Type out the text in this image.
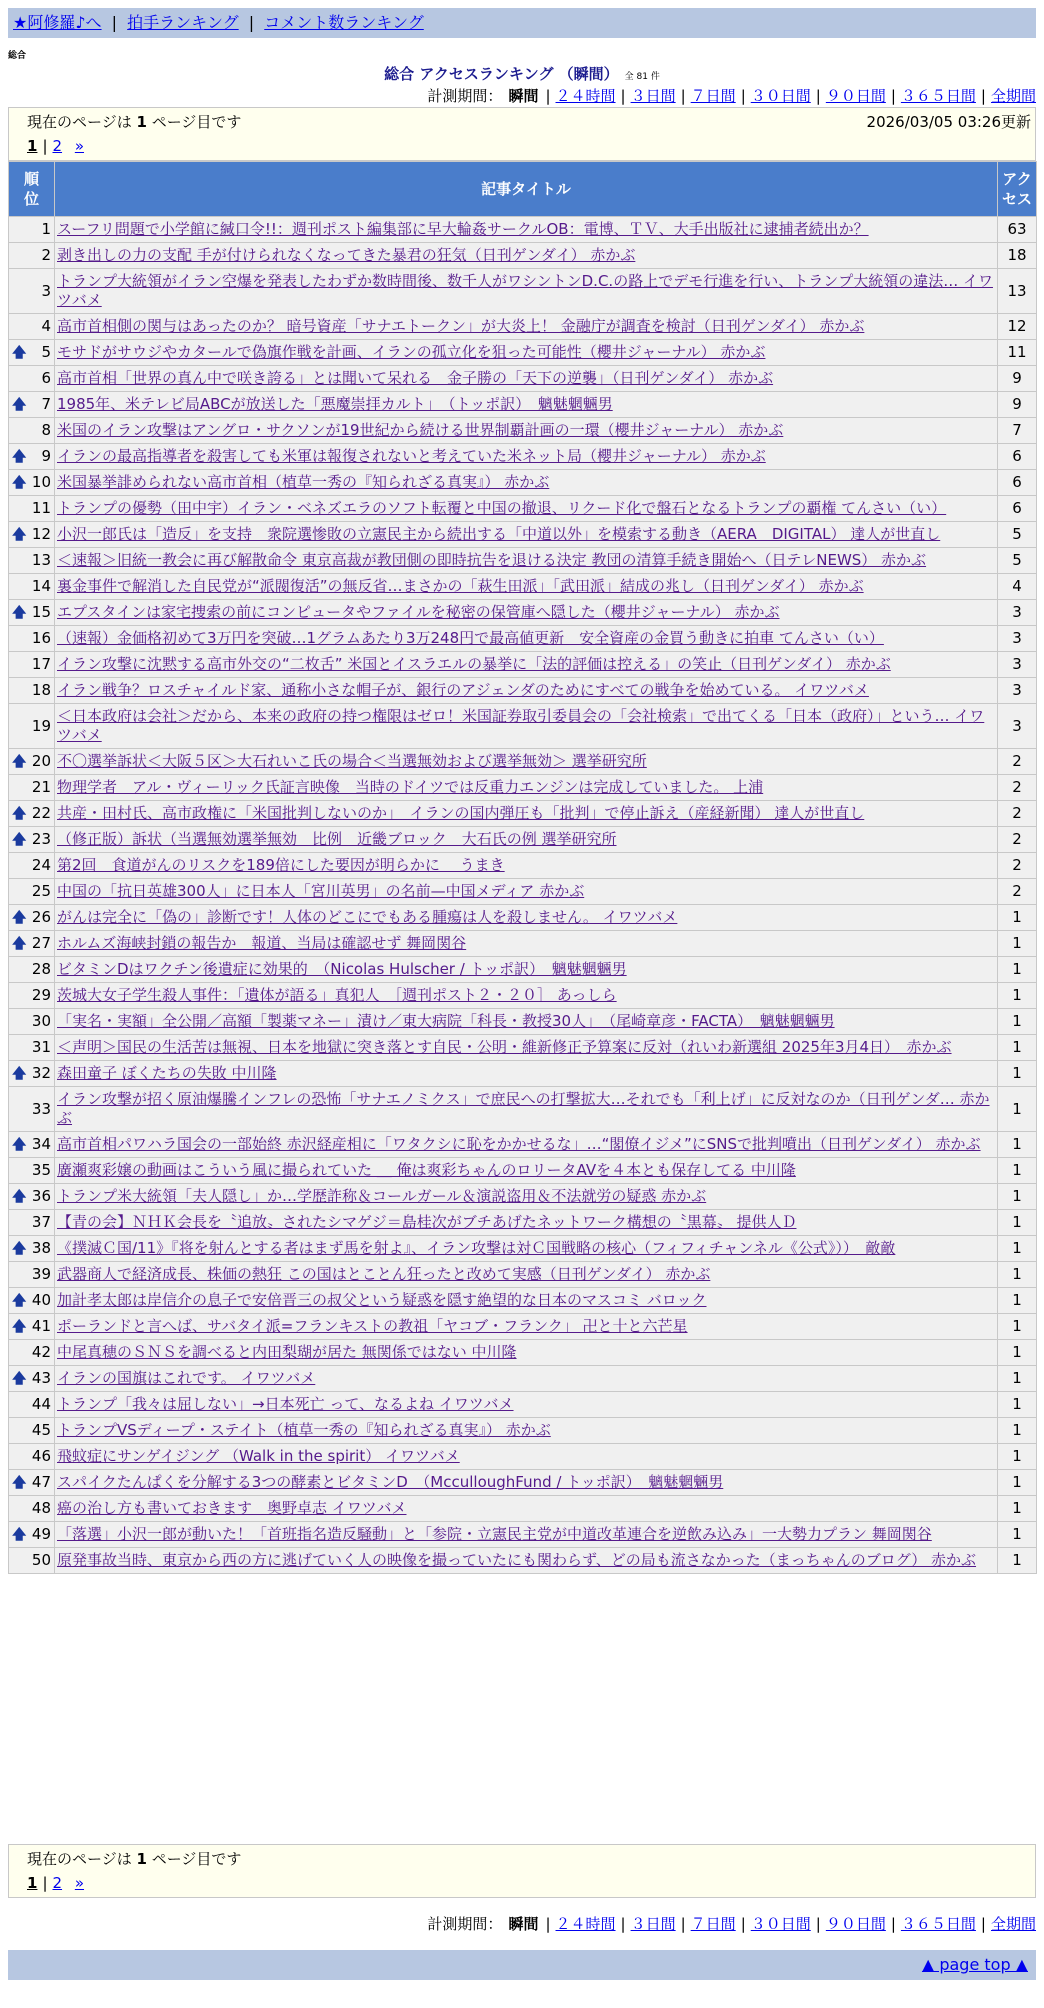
★阿修羅♪へ | 拍手ランキング | コメント数ランキング
総合
総合 アクセスランキング （瞬間） 全 81 件
計測期間： 瞬間 | ２４時間 | ３日間 | ７日間 | ３０日間 | ９０日間 | ３６５日間 | 全期間
現在のページは 1 ページ目です	2026/03/05 03:26更新
1 | 2 »
順位	記事タイトル	アクセス
1	スーフリ問題で小学館に緘口令!!：週刊ポスト編集部に早大輪姦サークルOB：電博、ＴＶ、大手出版社に逮捕者続出か？	63
2	剥き出しの力の支配 手が付けられなくなってきた暴君の狂気（日刊ゲンダイ） 赤かぶ	18
3	トランプ大統領がイラン空爆を発表したわずか数時間後、数千人がワシントンD.C.の路上でデモ行進を行い、トランプ大統領の違法… イワツバメ	13
4	高市首相側の関与はあったのか？ 暗号資産「サナエトークン」が大炎上！ 金融庁が調査を検討（日刊ゲンダイ） 赤かぶ	12

🡅 5	モサドがサウジやカタールで偽旗作戦を計画、イランの孤立化を狙った可能性（櫻井ジャーナル） 赤かぶ	11
6	高市首相「世界の真ん中で咲き誇る」とは聞いて呆れる　金子勝の「天下の逆襲」（日刊ゲンダイ） 赤かぶ	9

🡅 7	1985年、米テレビ局ABCが放送した「悪魔崇拝カルト」　（トッポ訳）　魑魅魍魎男	9
8	米国のイラン攻撃はアングロ・サクソンが19世紀から続ける世界制覇計画の一環（櫻井ジャーナル） 赤かぶ	7

🡅 9	イランの最高指導者を殺害しても米軍は報復されないと考えていた米ネット局（櫻井ジャーナル） 赤かぶ	6

🡅 10	米国暴挙誹められない高市首相（植草一秀の『知られざる真実』） 赤かぶ	6
11	トランプの優勢（田中宇）イラン・ベネズエラのソフト転覆と中国の撤退、リクード化で盤石となるトランプの覇権 てんさい（い）	6

🡅 12	小沢一郎氏は「造反」を支持　衆院選惨敗の立憲民主から続出する「中道以外」を模索する動き（AERA　DIGITAL） 達人が世直し	5
13	＜速報＞旧統一教会に再び解散命令 東京高裁が教団側の即時抗告を退ける決定 教団の清算手続き開始へ（日テレNEWS） 赤かぶ	5
14	裏金事件で解消した自民党が“派閥復活”の無反省…まさかの「萩生田派」「武田派」結成の兆し（日刊ゲンダイ） 赤かぶ	4

🡅 15	エプスタインは家宅捜索の前にコンピュータやファイルを秘密の保管庫へ隠した（櫻井ジャーナル） 赤かぶ	3
16	（速報）金価格初めて3万円を突破…1グラムあたり3万248円で最高値更新　安全資産の金買う動きに拍車 てんさい（い）	3
17	イラン攻撃に沈黙する高市外交の“二枚舌” 米国とイスラエルの暴挙に「法的評価は控える」の笑止（日刊ゲンダイ） 赤かぶ	3
18	イラン戦争？ロスチャイルド家、通称小さな帽子が、銀行のアジェンダのためにすべての戦争を始めている。 イワツバメ	3
19	＜日本政府は会社＞だから、本来の政府の持つ権限はゼロ！米国証券取引委員会の「会社検索」で出てくる「日本（政府）」という… イワツバメ	3

🡅 20	不〇選挙訴状＜大阪５区＞大石れいこ氏の場合＜当選無効および選挙無効＞ 選挙研究所	2
21	物理学者　アル・ヴィーリック氏証言映像　当時のドイツでは反重力エンジンは完成していました。 上浦	2

🡅 22	共産・田村氏、高市政権に「米国批判しないのか」　イランの国内弾圧も「批判」で停止訴え（産経新聞） 達人が世直し	2

🡅 23	（修正版）訴状（当選無効選挙無効　比例　近畿ブロック　大石氏の例 選挙研究所	2
24	第2回　食道がんのリスクを189倍にした要因が明らかに　 うまき	2
25	中国の「抗日英雄300人」に日本人「宮川英男」の名前—中国メディア 赤かぶ	2

🡅 26	がんは完全に「偽の」診断です！人体のどこにでもある腫瘍は人を殺しません。 イワツバメ	1

🡅 27	ホルムズ海峡封鎖の報告か　報道、当局は確認せず 舞岡関谷	1
28	ビタミンDはワクチン後遺症に効果的　（Nicolas Hulscher / トッポ訳）　魑魅魍魎男	1
29	茨城大女子学生殺人事件：「遺体が語る」真犯人　［週刊ポスト２・２０］ あっしら	1
30	「実名・実額」全公開／高額「製薬マネー」漬け／東大病院「科長・教授30人」　（尾崎章彦・FACTA）　魑魅魍魎男	1
31	＜声明＞国民の生活苦は無視、日本を地獄に突き落とす自民・公明・維新修正予算案に反対（れいわ新選組 2025年3月4日）　赤かぶ	1

🡅 32	森田童子 ぼくたちの失敗 中川隆	1
33	イラン攻撃が招く原油爆騰インフレの恐怖「サナエノミクス」で庶民への打撃拡大…それでも「利上げ」に反対なのか（日刊ゲンダ… 赤かぶ	1

🡅 34	高市首相パワハラ国会の一部始終 赤沢経産相に「ワタクシに恥をかかせるな」…“閣僚イジメ”にSNSで批判噴出（日刊ゲンダイ） 赤かぶ	1
35	廣瀬爽彩嬢の動画はこういう風に撮られていた ＿ 俺は爽彩ちゃんのロリータAVを４本とも保存してる 中川隆	1

🡅 36	トランプ米大統領「夫人隠し」か…学歴詐称＆コールガール＆演説盗用＆不法就労の疑惑 赤かぶ	1
37	【青の会】ＮＨＫ会長を〝追放〟されたシマゲジ＝島桂次がブチあげたネットワーク構想の〝黒幕〟 提供人Ｄ	1

🡅 38	《撲滅Ｃ国/11》『将を射んとする者はまず馬を射よ』、イラン攻撃は対Ｃ国戦略の核心（フィフィチャンネル《公式》））　敵敵	1
39	武器商人で経済成長、株価の熱狂 この国はとことん狂ったと改めて実感（日刊ゲンダイ） 赤かぶ	1

🡅 40	加計孝太郎は岸信介の息子で安倍晋三の叔父という疑惑を隠す絶望的な日本のマスコミ バロック	1

🡅 41	ポーランドと言へば、サバタイ派=フランキストの教祖「ヤコブ・フランク」 卍と十と六芒星	1
42	中尾真穂のＳＮＳを調べると内田梨瑚が居た 無関係ではない 中川隆	1

🡅 43	イランの国旗はこれです。 イワツバメ	1
44	トランプ「我々は屈しない」→日本死亡 って、なるよね イワツバメ	1
45	トランプVSディープ・ステイト（植草一秀の『知られざる真実』） 赤かぶ	1
46	飛蚊症にサンゲイジング （Walk in the spirit） イワツバメ	1

🡅 47	スパイクたんぱくを分解する3つの酵素とビタミンD　（McculloughFund / トッポ訳）　魑魅魍魎男	1
48	癌の治し方も書いておきます　奥野卓志 イワツバメ	1

🡅 49	「落選」小沢一郎が動いた！「首班指名造反騒動」と「参院・立憲民主党が中道改革連合を逆飲み込み」一大勢力プラン 舞岡関谷	1
50	原発事故当時、東京から西の方に逃げていく人の映像を撮っていたにも関わらず、どの局も流さなかった（まっちゃんのブログ） 赤かぶ	1
現在のページは 1 ページ目です
1 | 2 »
計測期間： 瞬間 | ２４時間 | ３日間 | ７日間 | ３０日間 | ９０日間 | ３６５日間 | 全期間
▲ page top ▲
